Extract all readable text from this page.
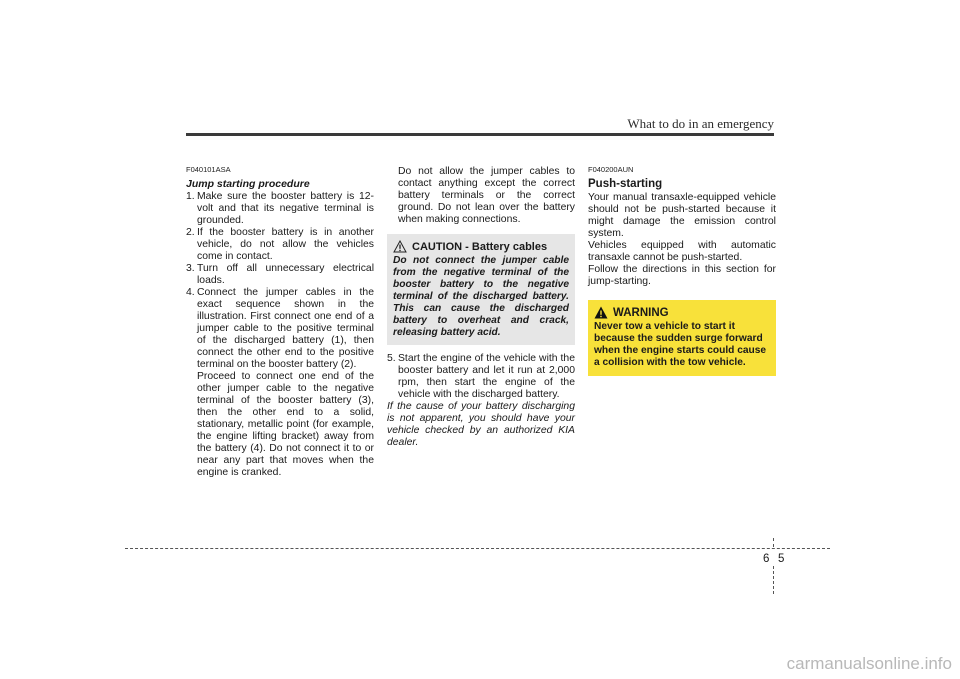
What to do in an emergency
F040101ASA
Jump starting procedure
1. Make sure the booster battery is 12-volt and that its negative terminal is grounded.
2. If the booster battery is in another vehicle, do not allow the vehicles come in contact.
3. Turn off all unnecessary electrical loads.
4. Connect the jumper cables in the exact sequence shown in the illustration. First connect one end of a jumper cable to the positive terminal of the discharged battery (1), then connect the other end to the positive terminal on the booster battery (2).

Proceed to connect one end of the other jumper cable to the negative terminal of the booster battery (3), then the other end to a solid, stationary, metallic point (for example, the engine lifting bracket) away from the battery (4). Do not connect it to or near any part that moves when the engine is cranked.

Do not allow the jumper cables to contact anything except the correct battery terminals or the correct ground. Do not lean over the battery when making connections.

CAUTION - Battery cables
Do not connect the jumper cable from the negative terminal of the booster battery to the negative terminal of the discharged battery. This can cause the discharged battery to overheat and crack, releasing battery acid.
5. Start the engine of the vehicle with the booster battery and let it run at 2,000 rpm, then start the engine of the vehicle with the discharged battery.

If the cause of your battery discharging is not apparent, you should have your vehicle checked by an authorized KIA dealer.

F040200AUN
Push-starting

Your manual transaxle-equipped vehicle should not be push-started because it might damage the emission control system.

Vehicles equipped with automatic transaxle cannot be push-started.

Follow the directions in this section for jump-starting.

WARNING
Never tow a vehicle to start it because the sudden surge forward when the engine starts could cause a collision with the tow vehicle.
6 5
carmanualsonline.info
